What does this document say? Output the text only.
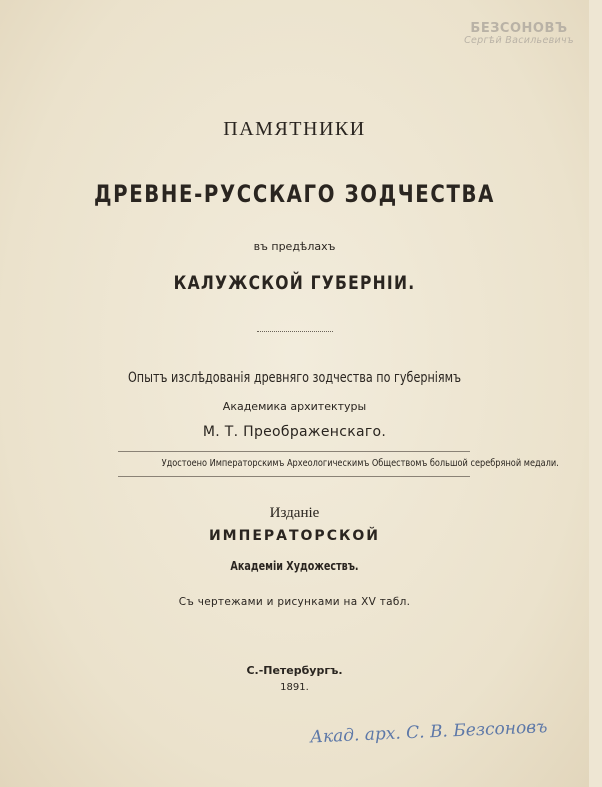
БЕЗСОНОВЪ
Сергѣй Васильевичъ
ПАМЯТНИКИ
ДРЕВНЕ-РУССКАГО ЗОДЧЕСТВА
въ предѣлахъ
КАЛУЖСКОЙ ГУБЕРНІИ.
Опытъ изслѣдованія древняго зодчества по губерніямъ
Академика архитектуры
М. Т. Преображенскаго.
Удостоено Императорскимъ Археологическимъ Обществомъ большой серебряной медали.
Изданіе
ИМПЕРАТОРСКОЙ
Академіи Художествъ.
Съ чертежами и рисунками на XV табл.
С.-Петербургъ.
1891.
Акад. арх. С. В. Безсоновъ
